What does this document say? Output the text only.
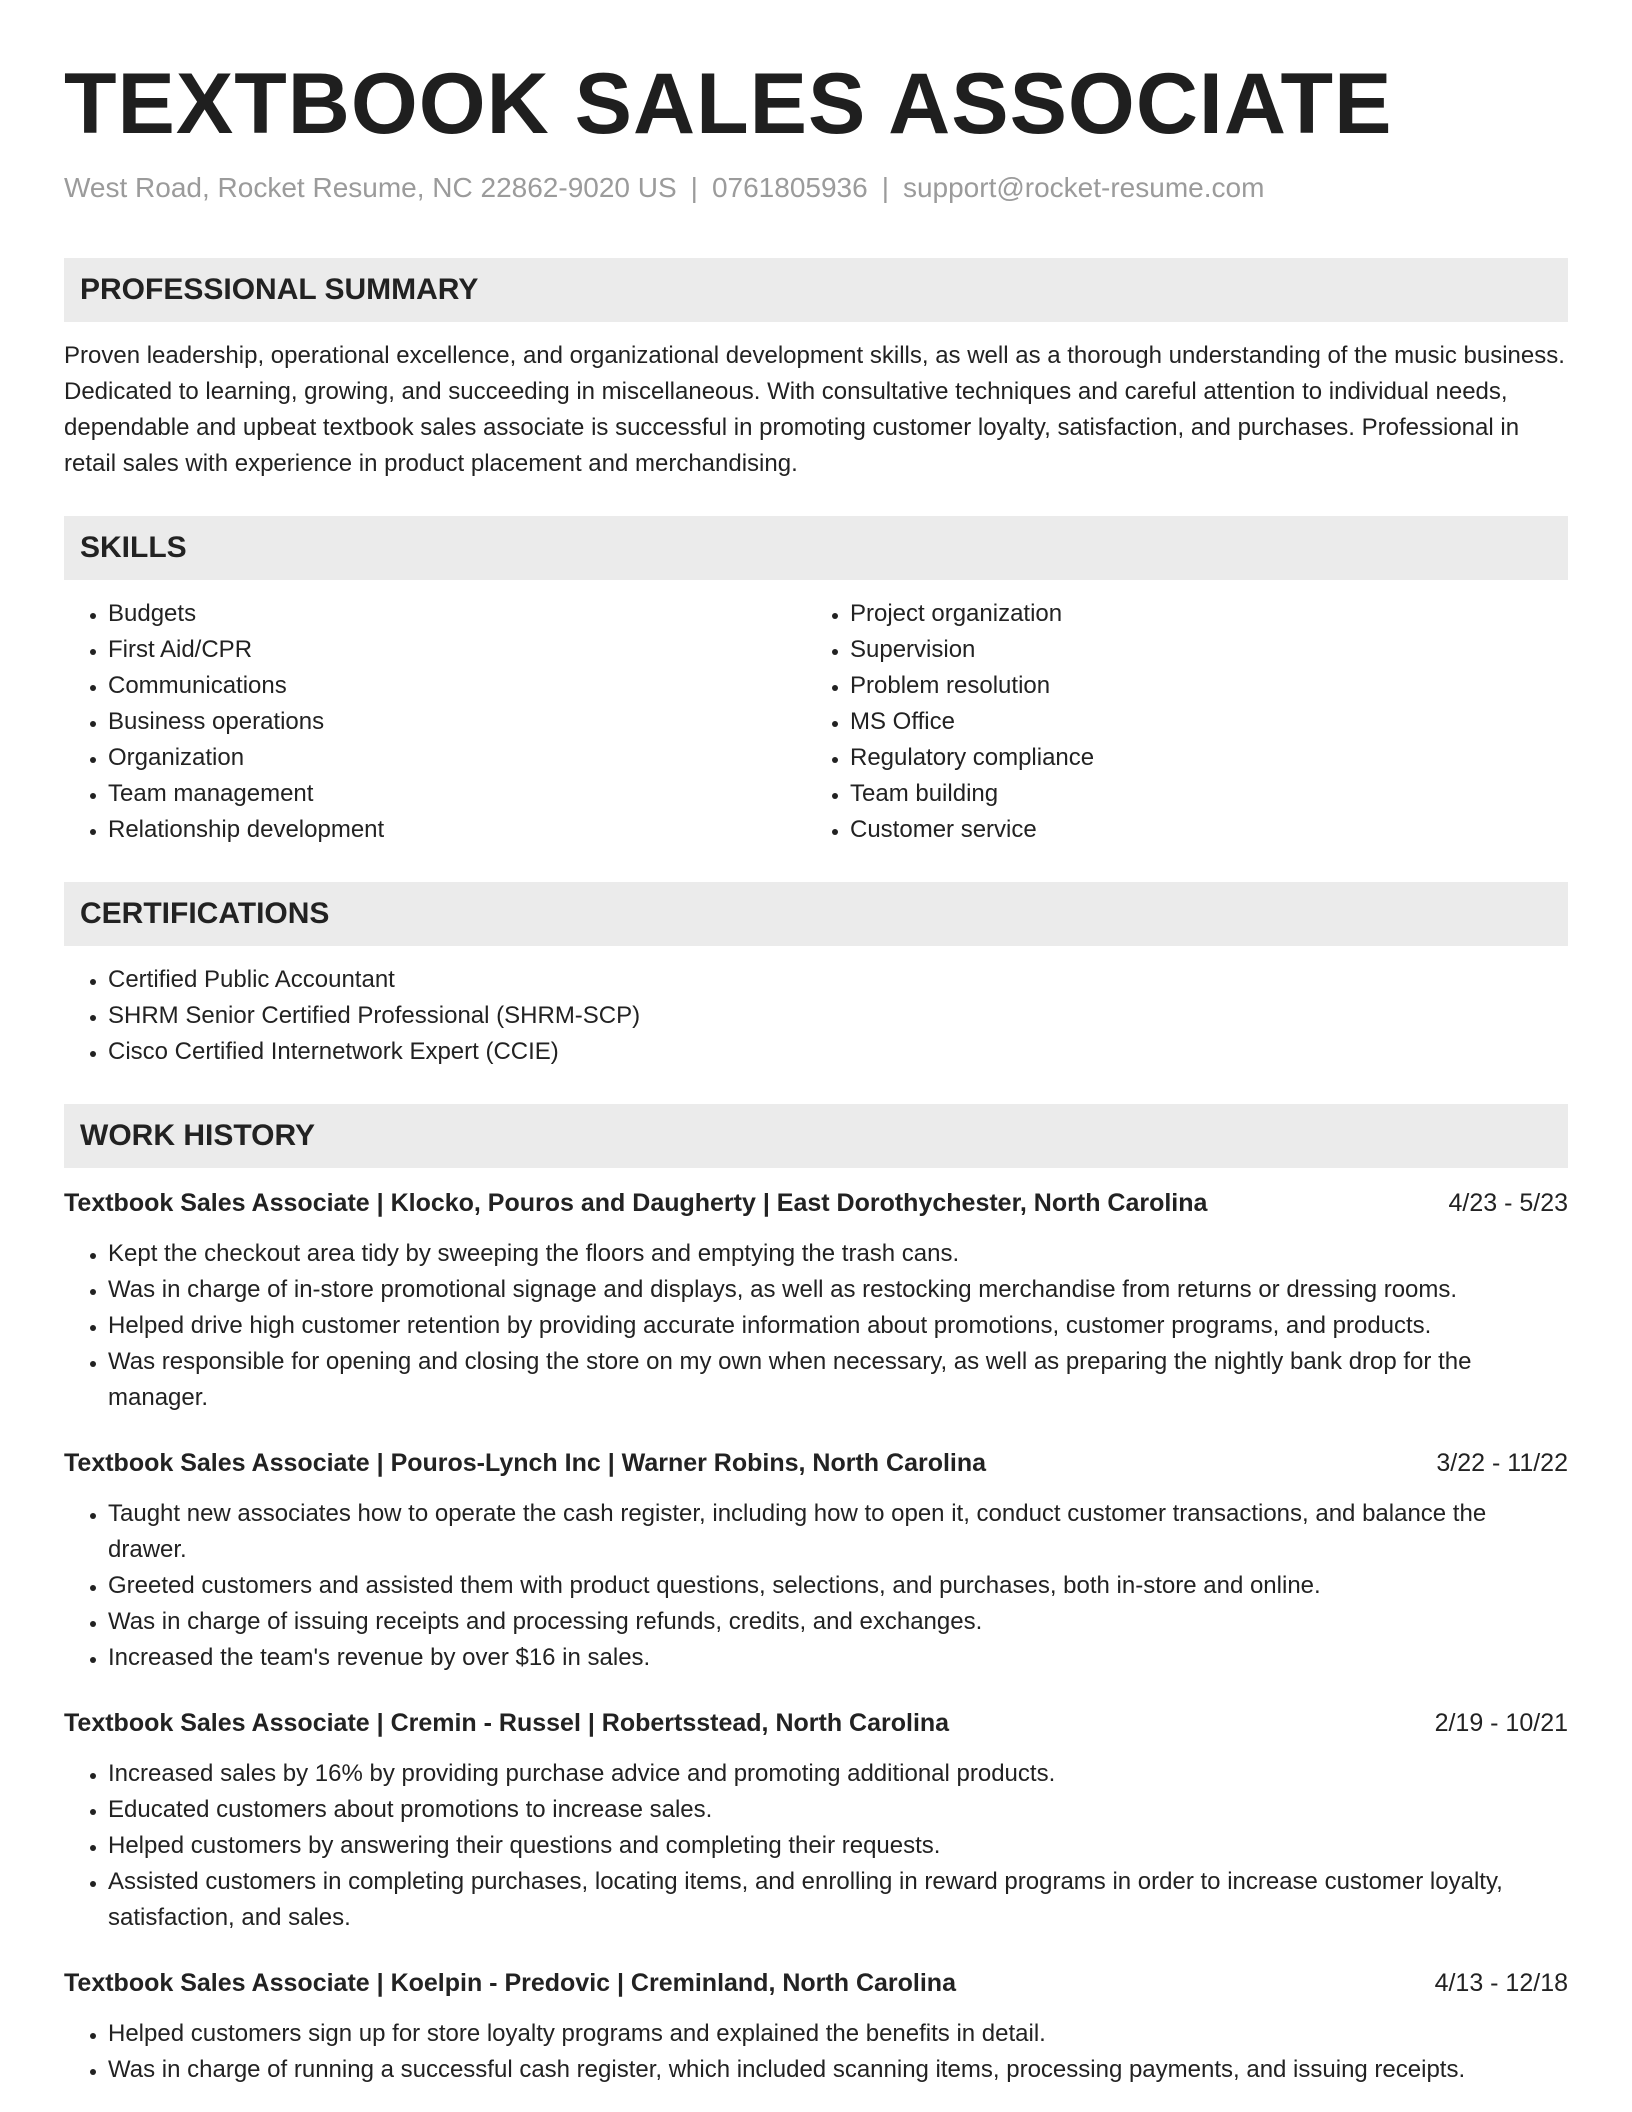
TEXTBOOK SALES ASSOCIATE
West Road, Rocket Resume, NC 22862-9020 US | 0761805936 | support@rocket-resume.com
PROFESSIONAL SUMMARY
Proven leadership, operational excellence, and organizational development skills, as well as a thorough understanding of the music business. Dedicated to learning, growing, and succeeding in miscellaneous. With consultative techniques and careful attention to individual needs, dependable and upbeat textbook sales associate is successful in promoting customer loyalty, satisfaction, and purchases. Professional in retail sales with experience in product placement and merchandising.
SKILLS
• Budgets
• First Aid/CPR
• Communications
• Business operations
• Organization
• Team management
• Relationship development
• Project organization
• Supervision
• Problem resolution
• MS Office
• Regulatory compliance
• Team building
• Customer service
CERTIFICATIONS
• Certified Public Accountant
• SHRM Senior Certified Professional (SHRM-SCP)
• Cisco Certified Internetwork Expert (CCIE)
WORK HISTORY
Textbook Sales Associate | Klocko, Pouros and Daugherty | East Dorothychester, North Carolina	4/23 - 5/23
• Kept the checkout area tidy by sweeping the floors and emptying the trash cans.
• Was in charge of in-store promotional signage and displays, as well as restocking merchandise from returns or dressing rooms.
• Helped drive high customer retention by providing accurate information about promotions, customer programs, and products.
• Was responsible for opening and closing the store on my own when necessary, as well as preparing the nightly bank drop for the manager.
Textbook Sales Associate | Pouros-Lynch Inc | Warner Robins, North Carolina	3/22 - 11/22
• Taught new associates how to operate the cash register, including how to open it, conduct customer transactions, and balance the drawer.
• Greeted customers and assisted them with product questions, selections, and purchases, both in-store and online.
• Was in charge of issuing receipts and processing refunds, credits, and exchanges.
• Increased the team's revenue by over $16 in sales.
Textbook Sales Associate | Cremin - Russel | Robertsstead, North Carolina	2/19 - 10/21
• Increased sales by 16% by providing purchase advice and promoting additional products.
• Educated customers about promotions to increase sales.
• Helped customers by answering their questions and completing their requests.
• Assisted customers in completing purchases, locating items, and enrolling in reward programs in order to increase customer loyalty, satisfaction, and sales.
Textbook Sales Associate | Koelpin - Predovic | Creminland, North Carolina	4/13 - 12/18
• Helped customers sign up for store loyalty programs and explained the benefits in detail.
• Was in charge of running a successful cash register, which included scanning items, processing payments, and issuing receipts.
